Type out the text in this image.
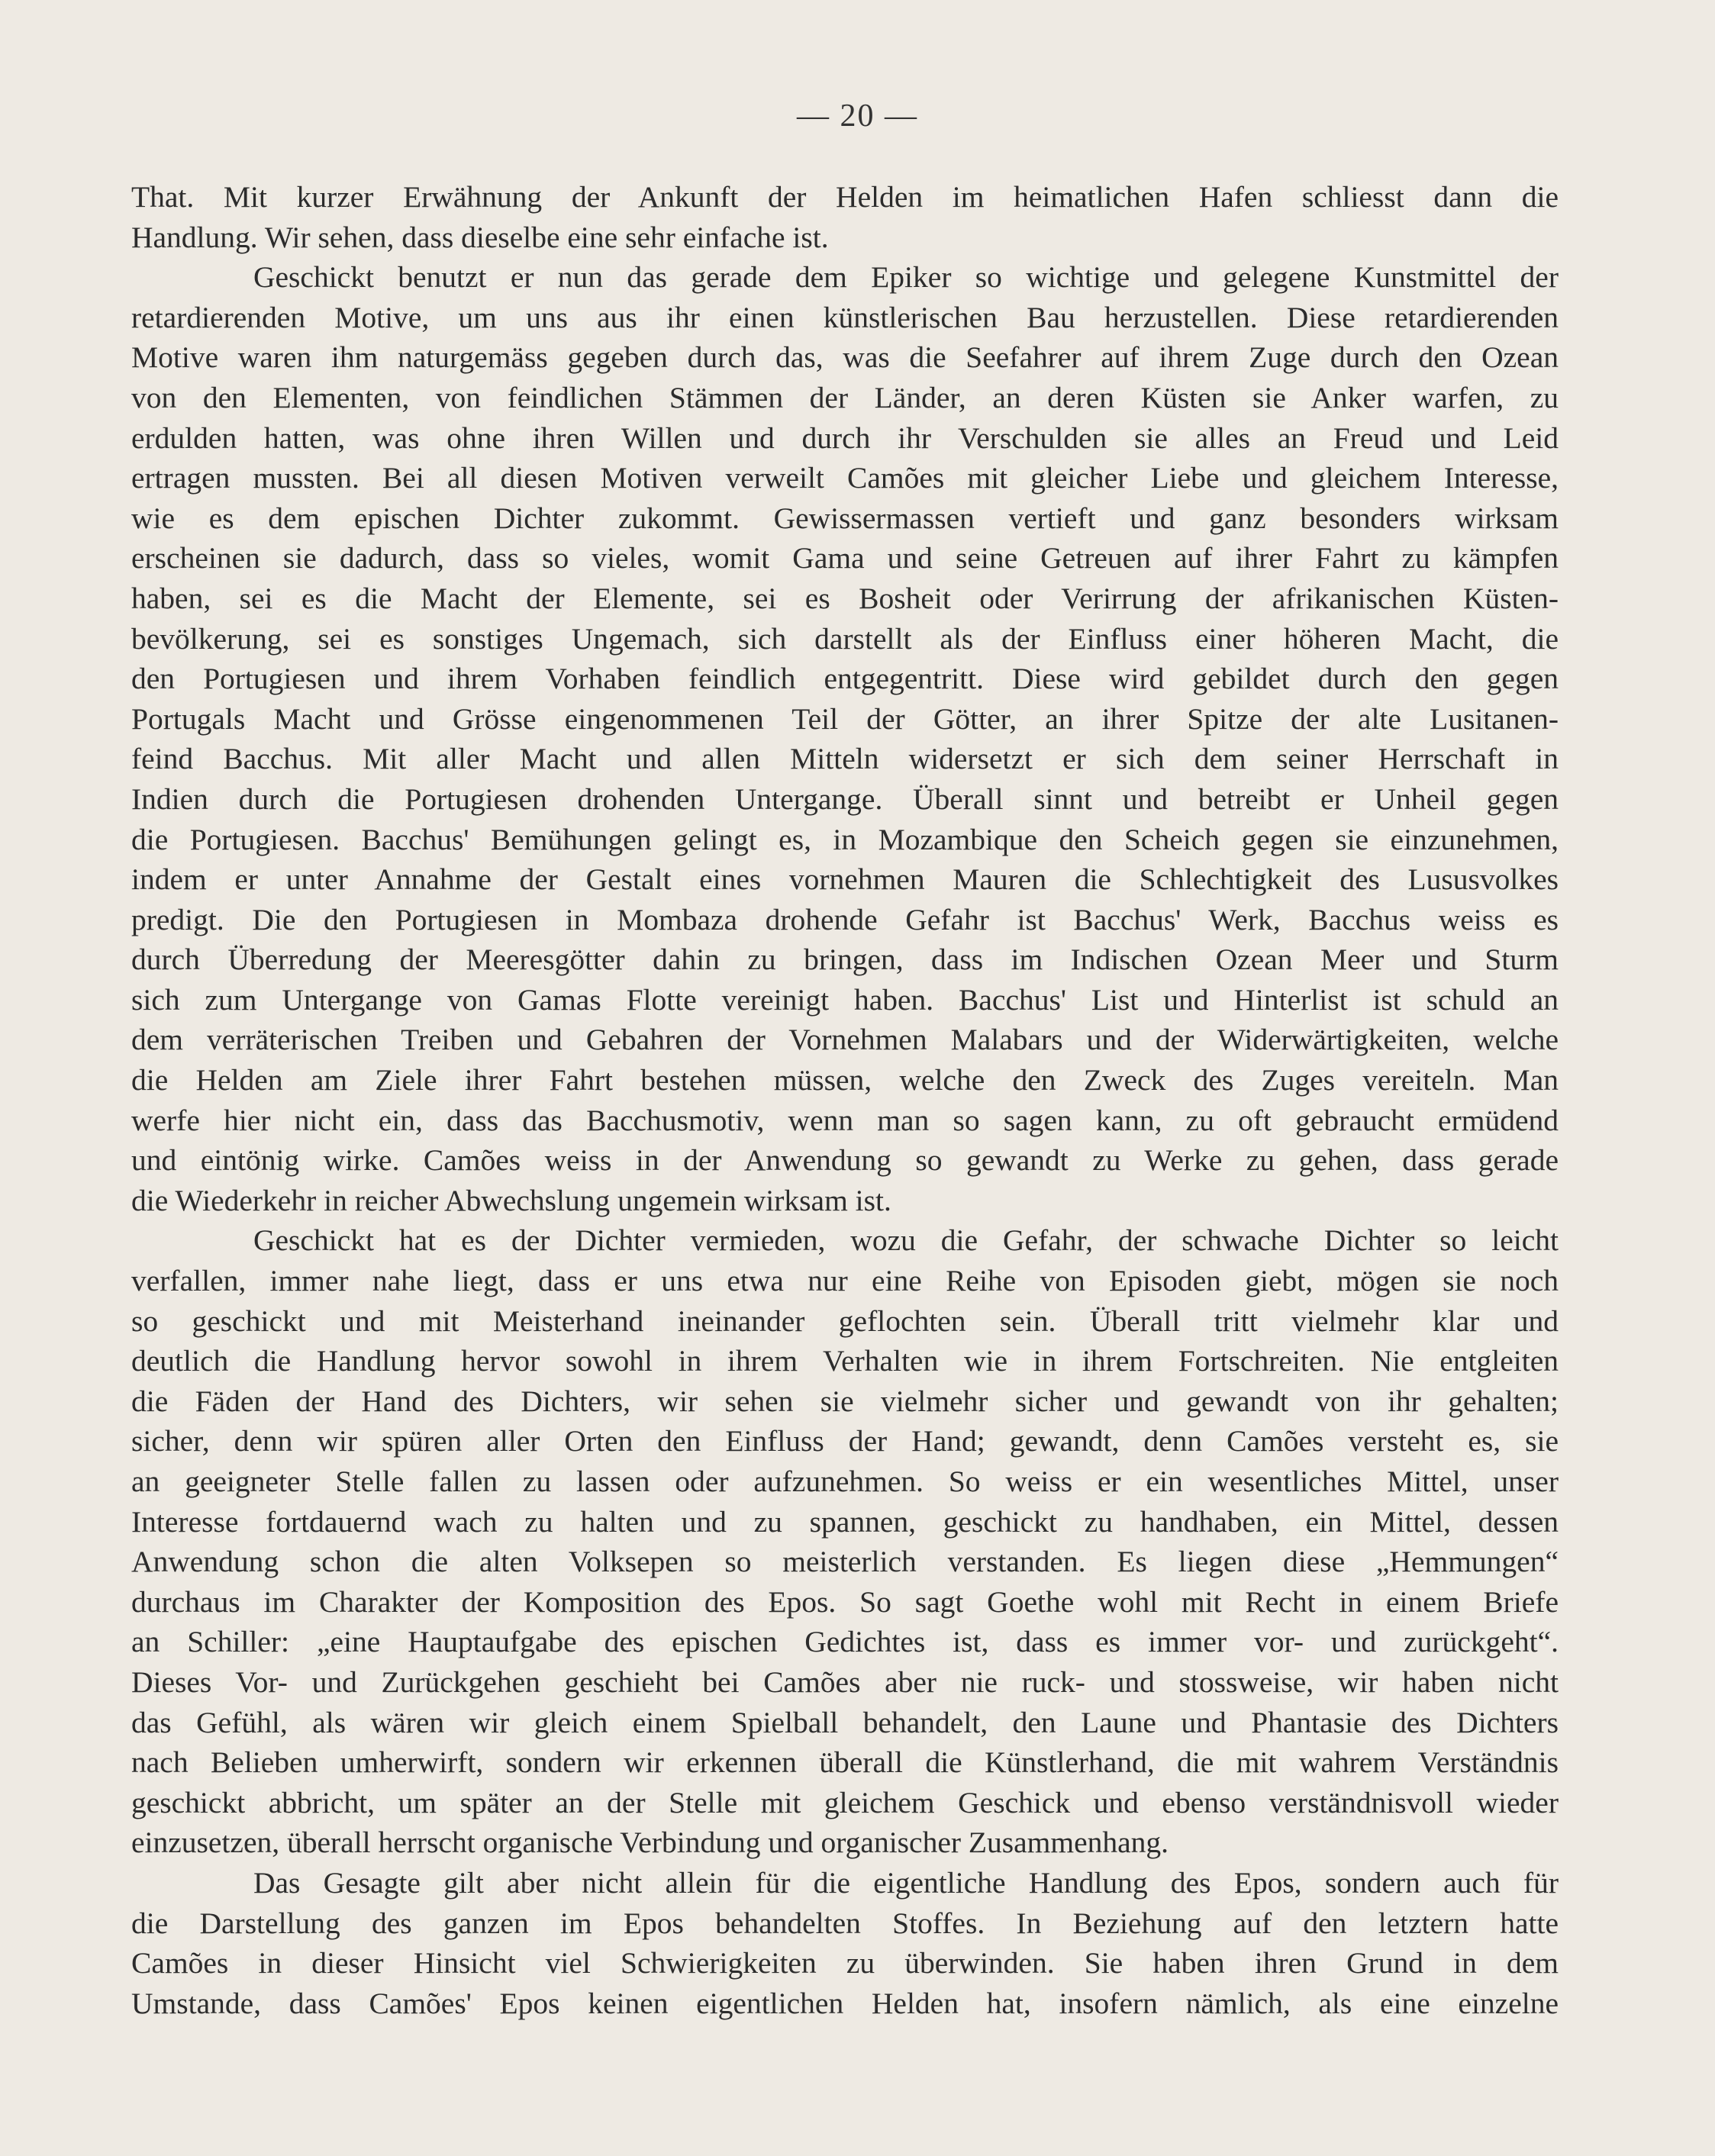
— 20 —
That. Mit kurzer Erwähnung der Ankunft der Helden im heimatlichen Hafen schliesst dann die
Handlung. Wir sehen, dass dieselbe eine sehr einfache ist.
Geschickt benutzt er nun das gerade dem Epiker so wichtige und gelegene Kunstmittel der
retardierenden Motive, um uns aus ihr einen künstlerischen Bau herzustellen. Diese retardierenden
Motive waren ihm naturgemäss gegeben durch das, was die Seefahrer auf ihrem Zuge durch den Ozean
von den Elementen, von feindlichen Stämmen der Länder, an deren Küsten sie Anker warfen, zu
erdulden hatten, was ohne ihren Willen und durch ihr Verschulden sie alles an Freud und Leid
ertragen mussten. Bei all diesen Motiven verweilt Camões mit gleicher Liebe und gleichem Interesse,
wie es dem epischen Dichter zukommt. Gewissermassen vertieft und ganz besonders wirksam
erscheinen sie dadurch, dass so vieles, womit Gama und seine Getreuen auf ihrer Fahrt zu kämpfen
haben, sei es die Macht der Elemente, sei es Bosheit oder Verirrung der afrikanischen Küsten-
bevölkerung, sei es sonstiges Ungemach, sich darstellt als der Einfluss einer höheren Macht, die
den Portugiesen und ihrem Vorhaben feindlich entgegentritt. Diese wird gebildet durch den gegen
Portugals Macht und Grösse eingenommenen Teil der Götter, an ihrer Spitze der alte Lusitanen-
feind Bacchus. Mit aller Macht und allen Mitteln widersetzt er sich dem seiner Herrschaft in
Indien durch die Portugiesen drohenden Untergange. Überall sinnt und betreibt er Unheil gegen
die Portugiesen. Bacchus' Bemühungen gelingt es, in Mozambique den Scheich gegen sie einzunehmen,
indem er unter Annahme der Gestalt eines vornehmen Mauren die Schlechtigkeit des Lususvolkes
predigt. Die den Portugiesen in Mombaza drohende Gefahr ist Bacchus' Werk, Bacchus weiss es
durch Überredung der Meeresgötter dahin zu bringen, dass im Indischen Ozean Meer und Sturm
sich zum Untergange von Gamas Flotte vereinigt haben. Bacchus' List und Hinterlist ist schuld an
dem verräterischen Treiben und Gebahren der Vornehmen Malabars und der Widerwärtigkeiten, welche
die Helden am Ziele ihrer Fahrt bestehen müssen, welche den Zweck des Zuges vereiteln. Man
werfe hier nicht ein, dass das Bacchusmotiv, wenn man so sagen kann, zu oft gebraucht ermüdend
und eintönig wirke. Camões weiss in der Anwendung so gewandt zu Werke zu gehen, dass gerade
die Wiederkehr in reicher Abwechslung ungemein wirksam ist.
Geschickt hat es der Dichter vermieden, wozu die Gefahr, der schwache Dichter so leicht
verfallen, immer nahe liegt, dass er uns etwa nur eine Reihe von Episoden giebt, mögen sie noch
so geschickt und mit Meisterhand ineinander geflochten sein. Überall tritt vielmehr klar und
deutlich die Handlung hervor sowohl in ihrem Verhalten wie in ihrem Fortschreiten. Nie entgleiten
die Fäden der Hand des Dichters, wir sehen sie vielmehr sicher und gewandt von ihr gehalten;
sicher, denn wir spüren aller Orten den Einfluss der Hand; gewandt, denn Camões versteht es, sie
an geeigneter Stelle fallen zu lassen oder aufzunehmen. So weiss er ein wesentliches Mittel, unser
Interesse fortdauernd wach zu halten und zu spannen, geschickt zu handhaben, ein Mittel, dessen
Anwendung schon die alten Volksepen so meisterlich verstanden. Es liegen diese „Hemmungen“
durchaus im Charakter der Komposition des Epos. So sagt Goethe wohl mit Recht in einem Briefe
an Schiller: „eine Hauptaufgabe des epischen Gedichtes ist, dass es immer vor- und zurückgeht“.
Dieses Vor- und Zurückgehen geschieht bei Camões aber nie ruck- und stossweise, wir haben nicht
das Gefühl, als wären wir gleich einem Spielball behandelt, den Laune und Phantasie des Dichters
nach Belieben umherwirft, sondern wir erkennen überall die Künstlerhand, die mit wahrem Verständnis
geschickt abbricht, um später an der Stelle mit gleichem Geschick und ebenso verständnisvoll wieder
einzusetzen, überall herrscht organische Verbindung und organischer Zusammenhang.
Das Gesagte gilt aber nicht allein für die eigentliche Handlung des Epos, sondern auch für
die Darstellung des ganzen im Epos behandelten Stoffes. In Beziehung auf den letztern hatte
Camões in dieser Hinsicht viel Schwierigkeiten zu überwinden. Sie haben ihren Grund in dem
Umstande, dass Camões' Epos keinen eigentlichen Helden hat, insofern nämlich, als eine einzelne
